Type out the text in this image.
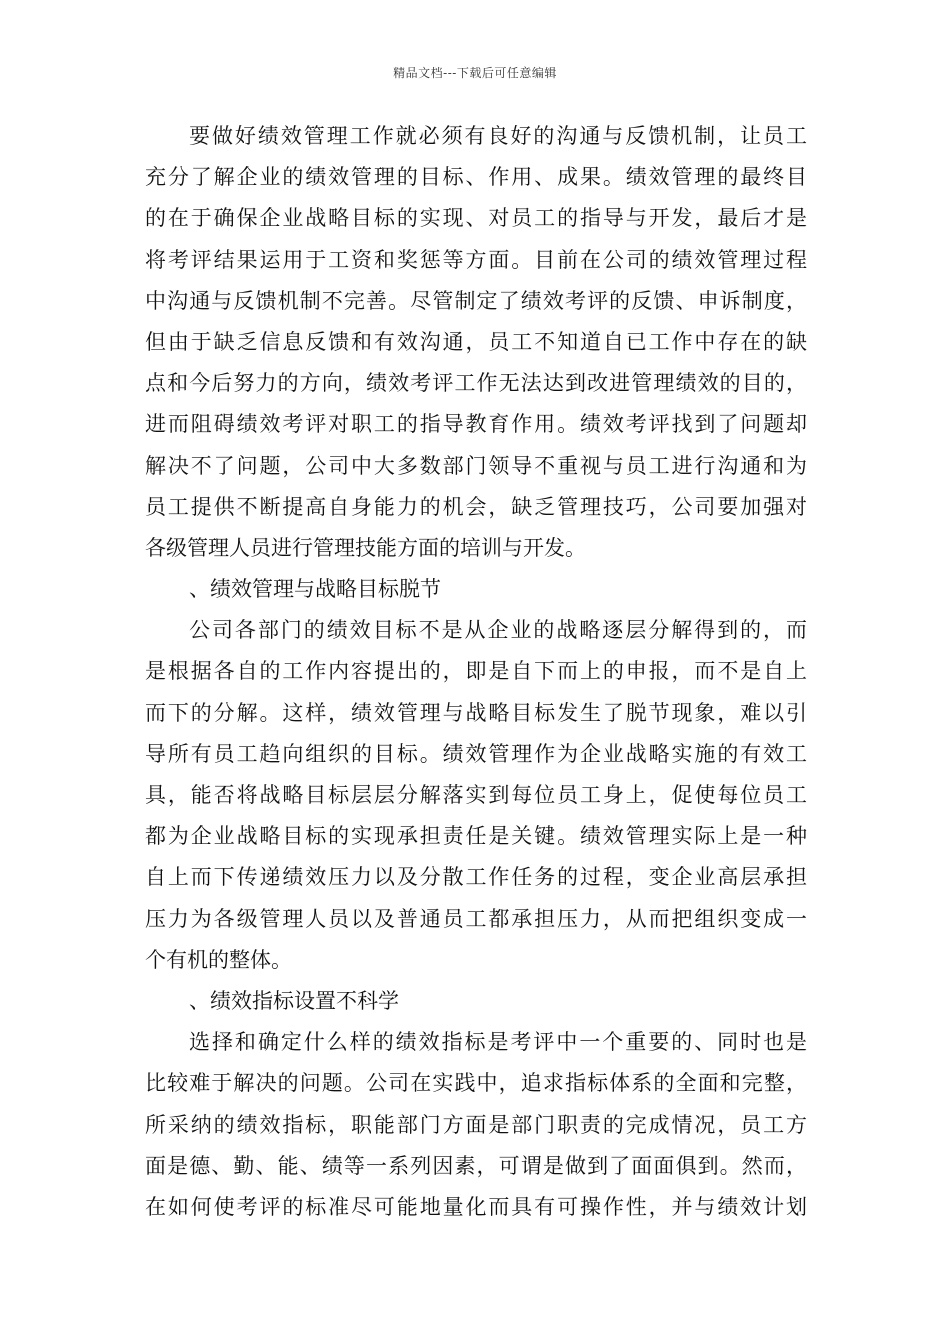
精品文档---下载后可任意编辑
要做好绩效管理工作就必须有良好的沟通与反馈机制，让员工
充分了解企业的绩效管理的目标、作用、成果。绩效管理的最终目
的在于确保企业战略目标的实现、对员工的指导与开发，最后才是
将考评结果运用于工资和奖惩等方面。目前在公司的绩效管理过程
中沟通与反馈机制不完善。尽管制定了绩效考评的反馈、申诉制度，
但由于缺乏信息反馈和有效沟通，员工不知道自已工作中存在的缺
点和今后努力的方向，绩效考评工作无法达到改进管理绩效的目的，
进而阻碍绩效考评对职工的指导教育作用。绩效考评找到了问题却
解决不了问题，公司中大多数部门领导不重视与员工进行沟通和为
员工提供不断提高自身能力的机会，缺乏管理技巧，公司要加强对
各级管理人员进行管理技能方面的培训与开发。
、绩效管理与战略目标脱节
公司各部门的绩效目标不是从企业的战略逐层分解得到的，而
是根据各自的工作内容提出的，即是自下而上的申报，而不是自上
而下的分解。这样，绩效管理与战略目标发生了脱节现象，难以引
导所有员工趋向组织的目标。绩效管理作为企业战略实施的有效工
具，能否将战略目标层层分解落实到每位员工身上，促使每位员工
都为企业战略目标的实现承担责任是关键。绩效管理实际上是一种
自上而下传递绩效压力以及分散工作任务的过程，变企业高层承担
压力为各级管理人员以及普通员工都承担压力，从而把组织变成一
个有机的整体。
、绩效指标设置不科学
选择和确定什么样的绩效指标是考评中一个重要的、同时也是
比较难于解决的问题。公司在实践中，追求指标体系的全面和完整，
所采纳的绩效指标，职能部门方面是部门职责的完成情况，员工方
面是德、勤、能、绩等一系列因素，可谓是做到了面面俱到。然而，
在如何使考评的标准尽可能地量化而具有可操作性，并与绩效计划
